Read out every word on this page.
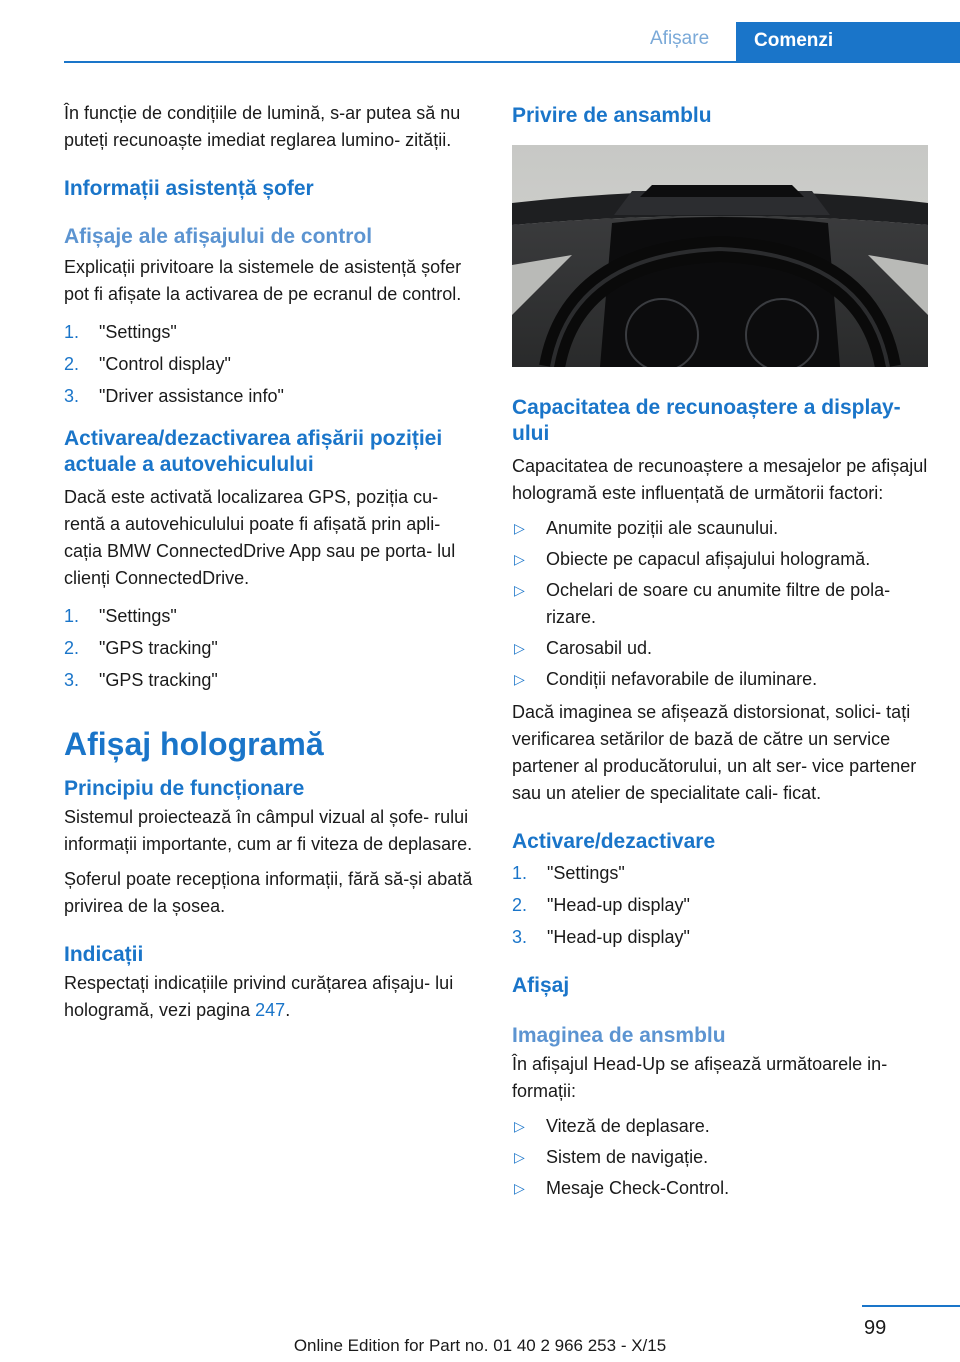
Afișare	Comenzi

În funcție de condițiile de lumină, s-ar putea să nu puteți recunoaște imediat reglarea lumino- zității.

Informații asistență șofer
Afișaje ale afișajului de control

Explicații privitoare la sistemele de asistență șofer pot fi afișate la activarea de pe ecranul de control.

1.	"Settings"
2.	"Control display"
3.	"Driver assistance info"
Activarea/dezactivarea afișării poziției actuale a autovehiculului

Dacă este activată localizarea GPS, poziția cu- rentă a autovehiculului poate fi afișată prin apli- cația BMW ConnectedDrive App sau pe porta- lul clienți ConnectedDrive.

1.	"Settings"
2.	"GPS tracking"
3.	"GPS tracking"
Afișaj hologramă
Principiu de funcționare

Sistemul proiectează în câmpul vizual al șofe- rului informații importante, cum ar fi viteza de deplasare.

Șoferul poate recepționa informații, fără să-și abată privirea de la șosea.

Indicații

Respectați indicațiile privind curățarea afișaju- lui hologramă, vezi pagina 247.

Privire de ansamblu
Capacitatea de recunoaștere a display-ului

Capacitatea de recunoaștere a mesajelor pe afișajul hologramă este influențată de următorii factori:

▷	Anumite poziții ale scaunului.
▷	Obiecte pe capacul afișajului hologramă.
▷	Ochelari de soare cu anumite filtre de pola- rizare.
▷	Carosabil ud.
▷	Condiții nefavorabile de iluminare.

Dacă imaginea se afișează distorsionat, solici- tați verificarea setărilor de bază de către un service partener al producătorului, un alt ser- vice partener sau un atelier de specialitate cali- ficat.

Activare/dezactivare
1.	"Settings"
2.	"Head-up display"
3.	"Head-up display"
Afișaj
Imaginea de ansmblu

În afișajul Head-Up se afișează următoarele in- formații:

▷	Viteză de deplasare.
▷	Sistem de navigație.
▷	Mesaje Check-Control.
99
Online Edition for Part no. 01 40 2 966 253 - X/15
